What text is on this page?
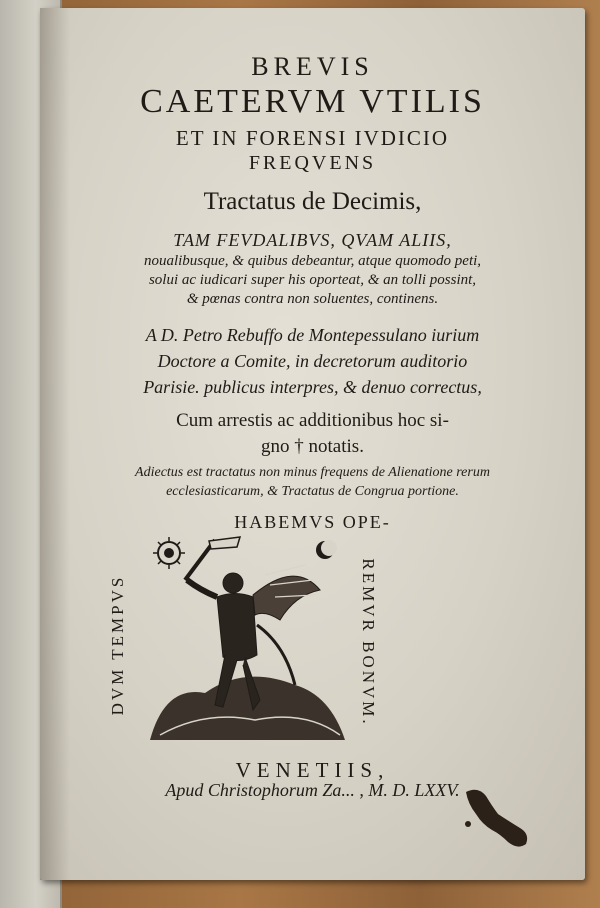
BREVIS
CAETERVM VTILIS
ET IN FORENSI IVDICIO
FREQVENS
Tractatus de Decimis,
TAM FEVDALIBVS, QVAM ALIIS,
noualibusque, & quibus debeantur, atque quomodo peti,
solui ac iudicari super his oporteat, & an tolli possint,
& pœnas contra non soluentes, continens.
A D. Petro Rebuffo de Montepessulano iurium
Doctore a Comite, in decretorum auditorio
Parisie. publicus interpres, & denuo correctus,
Cum arrestis ac additionibus hoc si-
gno † notatis.
Adiectus est tractatus non minus frequens de Alienatione rerum
ecclesiasticarum, & Tractatus de Congrua portione.
HABEMVS OPE-
DVM TEMPVS	REMVR BONVM.
VENETIIS,
Apud Christophorum Za... , M. D. LXXV.
